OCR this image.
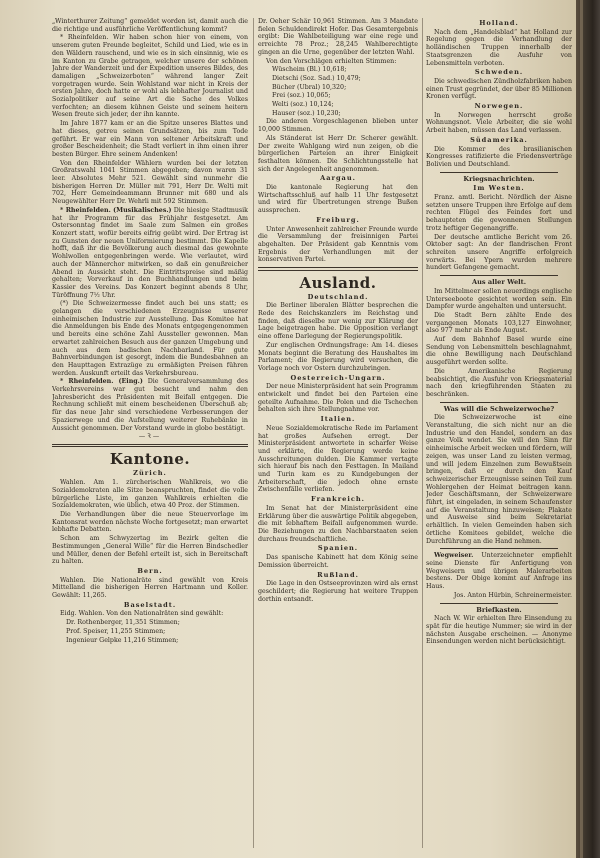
„Winterthurer Zeitung“ gemeldet worden ist, damit auch die die richtige und ausführliche Veröffentlichung kommt?

* Rheinfelden. Wir haben schon hier von einem, von unserem guten Freunde begleitet, Schild und Lied, wie es in den Wäldern rauschend, und wie es in sich einsinnig, wie es im Kanton zu Grabe getragen, welcher unsere der schönen Jahre der Wanderzeit und der Expedition unseres Bildes, des damaligen „Schweizerboten“ während langer Zeit vorgetragen wurde. Sein Wohlstand war nicht in Kreis der ersten Jahre, doch hatte er wohl als lebhafter Journalist und Sozialpolitiker auf seine Art die Sache des Volkes verfochten; an diesem kühnen Geiste und seinem heitern Wesen freute sich jeder, der ihn kannte.

Im Jahre 1877 kam er an die Spitze unseres Blattes und hat dieses, getreu seinen Grundsätzen, bis zum Tode geführt. Er war ein Mann von seltener Arbeitskraft und großer Bescheidenheit; die Stadt verliert in ihm einen ihrer besten Bürger. Ehre seinem Andenken!

Von den Rheinfelder Wählern wurden bei der letzten Großratswahl 1041 Stimmen abgegeben; davon waren 31 leer. Absolutes Mehr 521. Gewählt sind nunmehr die bisherigen Herren Dr. Müller mit 791, Herr Dr. Welti mit 702, Herr Gemeindeammann Brunner mit 680 und als Neugewählter Herr Dr. Wehrli mit 592 Stimmen.

* Rheinfelden. (Musikalisches.) Die hiesige Stadtmusik hat ihr Programm für das Frühjahr festgesetzt. Am Ostersonntag findet im Saale zum Salmen ein großes Konzert statt, wofür bereits eifrig geübt wird. Der Ertrag ist zu Gunsten der neuen Uniformierung bestimmt. Die Kapelle hofft, daß ihr die Bevölkerung auch diesmal das gewohnte Wohlwollen entgegenbringen werde. Wie verlautet, wird auch der Männerchor mitwirken, so daß ein genußreicher Abend in Aussicht steht. Die Eintrittspreise sind mäßig gehalten; Vorverkauf in den Buchhandlungen und beim Kassier des Vereins. Das Konzert beginnt abends 8 Uhr, Türöffnung 7½ Uhr.

(*) Die Schweizermesse findet auch bei uns statt; es gelangen die verschiedenen Erzeugnisse unserer einheimischen Industrie zur Ausstellung. Das Komitee hat die Anmeldungen bis Ende des Monats entgegengenommen und bereits eine schöne Zahl Aussteller gewonnen. Man erwartet zahlreichen Besuch aus der ganzen Umgebung und auch aus dem badischen Nachbarland. Für gute Bahnverbindungen ist gesorgt, indem die Bundesbahnen an den Haupttagen Extrazüge zu ermäßigten Preisen führen werden. Auskunft erteilt das Verkehrsbureau.

* Rheinfelden. (Eing.) Die Generalversammlung des Verkehrsvereins war gut besucht und nahm den Jahresbericht des Präsidenten mit Beifall entgegen. Die Rechnung schließt mit einem bescheidenen Überschuß ab; für das neue Jahr sind verschiedene Verbesserungen der Spazierwege und die Aufstellung weiterer Ruhebänke in Aussicht genommen. Der Vorstand wurde in globo bestätigt.

—Ꝛ—
Kantone.
Zürich.

Wahlen. Am 1. zürcherischen Wahlkreis, wo die Sozialdemokraten alle Sitze beanspruchten, findet die volle bürgerliche Liste, im ganzen Wahlkreis erhielten die Sozialdemokraten, wie üblich, etwa 40 Proz. der Stimmen.

Die Verhandlungen über die neue Steuervorlage im Kantonsrat werden nächste Woche fortgesetzt; man erwartet lebhafte Debatten.

Schon am Schwyzertag im Bezirk gelten die Bestimmungen „General Wille“ für die Herren Bindschedler und Müller, denen der Befehl erteilt ist, sich in Bereitschaft zu halten.

Bern.

Wahlen. Die Nationalräte sind gewählt von Kreis Mittelland die bisherigen Herren Hartmann und Koller. Gewählt: 11,265.

Baselstadt.

Eidg. Wahlen. Von den Nationalräten sind gewählt:

Dr. Rothenberger, 11,351 Stimmen;

Prof. Speiser, 11,255 Stimmen;

Ingenieur Gelpke 11,216 Stimmen;

Dr. Oeher Schär 10,961 Stimmen. Am 3 Mandate fielen Schuldendirekt Hofer. Das Gesamtergebnis ergibt: Die Wahlbeteiligung war eine rege und erreichte 78 Proz.; 28,245 Wahlberechtigte gingen an die Urne, gegenüber der letzten Wahl.

Von den Vorschlägen erhielten Stimmen:

Wüscheim (Bl.) 10,618;

Dietschi (Soz. Sad.) 10,479;

Bücher (Ubral) 10,320;

Frei (soz.) 10,065;

Welti (soz.) 10,124;

Hauser (soz.) 10,230;

Die anderen Vorgeschlagenen blieben unter 10,000 Stimmen.

Als Ständerat ist Herr Dr. Scherer gewählt. Der zweite Wahlgang wird nun zeigen, ob die bürgerlichen Parteien an ihrer Einigkeit festhalten können. Die Schlichtungsstelle hat sich der Angelegenheit angenommen.

Aargau.

Die kantonale Regierung hat den Wirtschaftsschluß auf halb 11 Uhr festgesetzt und wird für Übertretungen strenge Bußen aussprechen.

Freiburg.

Unter Anwesenheit zahlreicher Freunde wurde die Versammlung der freisinnigen Partei abgehalten. Der Präsident gab Kenntnis vom Ergebnis der Verhandlungen mit der konservativen Partei.

Ausland.
Deutschland.

Die Berliner liberalen Blätter besprechen die Rede des Reichskanzlers im Reichstag und finden, daß dieselbe nur wenig zur Klärung der Lage beigetragen habe. Die Opposition verlangt eine offene Darlegung der Regierungspolitik.

Zur englischen Ordnungsfrage: Am 14. dieses Monats beginnt die Beratung des Haushaltes im Parlament; die Regierung wird versuchen, die Vorlage noch vor Ostern durchzubringen.

Oesterreich-Ungarn.

Der neue Ministerpräsident hat sein Programm entwickelt und findet bei den Parteien eine geteilte Aufnahme. Die Polen und die Tschechen behalten sich ihre Stellungnahme vor.

Italien.

Neue Sozialdemokratische Rede im Parlament hat großes Aufsehen erregt. Der Ministerpräsident antwortete in scharfer Weise und erklärte, die Regierung werde keine Ausschreitungen dulden. Die Kammer vertagte sich hierauf bis nach den Festtagen. In Mailand und Turin kam es zu Kundgebungen der Arbeiterschaft, die jedoch ohne ernste Zwischenfälle verliefen.

Frankreich.

Im Senat hat der Ministerpräsident eine Erklärung über die auswärtige Politik abgegeben, die mit lebhaftem Beifall aufgenommen wurde. Die Beziehungen zu den Nachbarstaaten seien durchaus freundschaftliche.

Spanien.

Das spanische Kabinett hat dem König seine Demission überreicht.

Rußland.

Die Lage in den Ostseeprovinzen wird als ernst geschildert; die Regierung hat weitere Truppen dorthin entsandt.

Holland.

Nach dem „Handelsblad“ hat Holland zur Regelung gegen die Verhandlung der holländischen Truppen innerhalb der Staatsgrenzen die Ausfuhr von Lebensmitteln verboten.

Schweden.

Die schwedischen Zündholzfabriken haben einen Trust gegründet, der über 85 Millionen Kronen verfügt.

Norwegen.

In Norwegen herrscht große Wohnungsnot. Viele Arbeiter, die sie wohl Arbeit haben, müssen das Land verlassen.

Südamerika.

Die Kommer des brasilianischen Kongresses ratifizierte die Friedensverträge Bolivien und Deutschland.

Kriegsnachrichten.
Im Westen.

Franz. amtl. Bericht. Nördlich der Aisne setzten unsere Truppen ihre Erfolge auf dem rechten Flügel des Feindes fort und behaupteten die gewonnenen Stellungen trotz heftiger Gegenangriffe.

Der deutsche amtliche Bericht vom 26. Oktober sagt: An der flandrischen Front schreiten unsere Angriffe erfolgreich vorwärts. Bei Ypern wurden mehrere hundert Gefangene gemacht.

Aus aller Welt.

Im Mittelmeer sollen neuerdings englische Unterseeboote gesichtet worden sein. Ein Dampfer wurde angehalten und untersucht.

Die Stadt Bern zählte Ende des vergangenen Monats 103,127 Einwohner, also 977 mehr als Ende August.

Auf dem Bahnhof Basel wurde eine Sendung von Lebensmitteln beschlagnahmt, die ohne Bewilligung nach Deutschland ausgeführt werden sollte.

Die Amerikanische Regierung beabsichtigt, die Ausfuhr von Kriegsmaterial nach den kriegführenden Staaten zu beschränken.

Was will die Schweizerwoche?

Die Schweizerwoche ist eine Veranstaltung, die sich nicht nur an die Industrie und den Handel, sondern an das ganze Volk wendet. Sie will den Sinn für einheimische Arbeit wecken und fördern, will zeigen, was unser Land zu leisten vermag, und will jedem Einzelnen zum Bewußtsein bringen, daß er durch den Kauf schweizerischer Erzeugnisse seinen Teil zum Wohlergehen der Heimat beitragen kann. Jeder Geschäftsmann, der Schweizerware führt, ist eingeladen, in seinem Schaufenster auf die Veranstaltung hinzuweisen; Plakate und Ausweise sind beim Sekretariat erhältlich. In vielen Gemeinden haben sich örtliche Komitees gebildet, welche die Durchführung an die Hand nehmen.

Wegweiser. Unterzeichneter empfiehlt seine Dienste für Anfertigung von Wegweisern und übrigen Malerarbeiten bestens. Der Obige kommt auf Anfrage ins Haus.

Jos. Anton Hürbin, Schreinermeister.

Briefkasten.

Nach W. Wir erhielten Ihre Einsendung zu spät für die heutige Nummer; sie wird in der nächsten Ausgabe erscheinen. — Anonyme Einsendungen werden nicht berücksichtigt.
